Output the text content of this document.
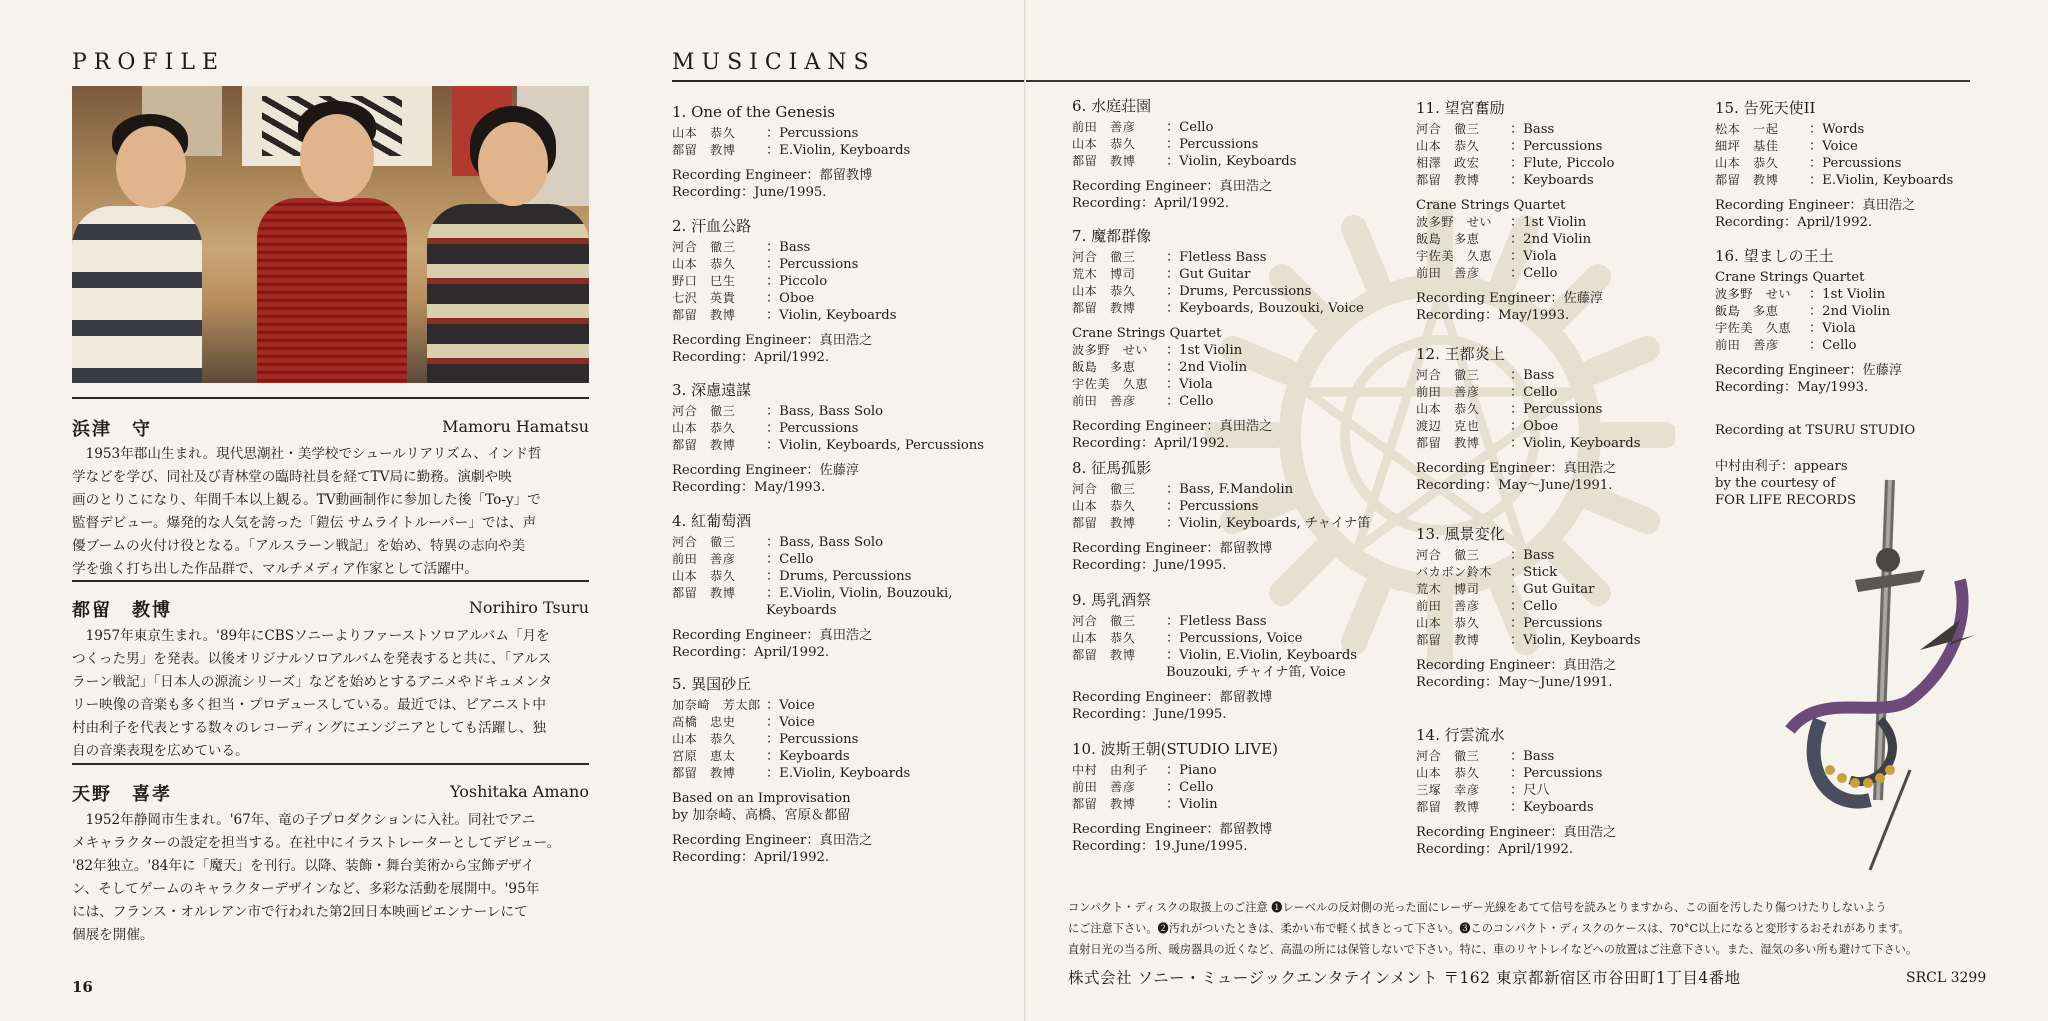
PROFILE
浜津　守	Mamoru Hamatsu

1953年郡山生まれ。現代思潮社・美学校でシュールリアリズム、インド哲

学などを学び、同社及び青林堂の臨時社員を経てTV局に勤務。演劇や映
画のとりこになり、年間千本以上観る。TV動画制作に参加した後「To-y」で
監督デビュー。爆発的な人気を誇った「鎧伝 サムライトルーパー」では、声
優ブームの火付け役となる。「アルスラーン戦記」を始め、特異の志向や美
学を強く打ち出した作品群で、マルチメディア作家として活躍中。
都留　教博	Norihiro Tsuru

1957年東京生まれ。'89年にCBSソニーよりファーストソロアルバム「月を

つくった男」を発表。以後オリジナルソロアルバムを発表すると共に、「アルス
ラーン戦記」「日本人の源流シリーズ」などを始めとするアニメやドキュメンタ
リー映像の音楽も多く担当・プロデュースしている。最近では、ピアニスト中
村由利子を代表とする数々のレコーディングにエンジニアとしても活躍し、独
自の音楽表現を広めている。
天野　喜孝	Yoshitaka Amano

1952年静岡市生まれ。'67年、竜の子プロダクションに入社。同社でアニ

メキャラクターの設定を担当する。在社中にイラストレーターとしてデビュー。
'82年独立。'84年に「魔天」を刊行。以降、装飾・舞台美術から宝飾デザイ
ン、そしてゲームのキャラクターデザインなど、多彩な活動を展開中。'95年
には、フランス・オルレアン市で行われた第2回日本映画ビエンナーレにて
個展を開催。
16
MUSICIANS
1. One of the Genesis
山本　恭久	：Percussions
都留　教博	：E.Violin, Keyboards
Recording Engineer：都留教博
Recording：June/1995.
2. 汗血公路
河合　徹三	：Bass
山本　恭久	：Percussions
野口　巳生	：Piccolo
七沢　英貴	：Oboe
都留　教博	：Violin, Keyboards
Recording Engineer：真田浩之
Recording：April/1992.
3. 深慮遠謀
河合　徹三	：Bass, Bass Solo
山本　恭久	：Percussions
都留　教博	：Violin, Keyboards, Percussions
Recording Engineer：佐藤淳
Recording：May/1993.
4. 紅葡萄酒
河合　徹三	：Bass, Bass Solo
前田　善彦	：Cello
山本　恭久	：Drums, Percussions
都留　教博	：E.Violin, Violin, Bouzouki,
Keyboards
Recording Engineer：真田浩之
Recording：April/1992.
5. 異国砂丘
加奈崎　芳太郎 ：Voice
高橋　忠史	：Voice
山本　恭久	：Percussions
宮原　恵太	：Keyboards
都留　教博	：E.Violin, Keyboards
Based on an Improvisation
by 加奈崎、高橋、宮原＆都留
Recording Engineer：真田浩之
Recording：April/1992.
6. 水庭荘園
前田　善彦	：Cello
山本　恭久	：Percussions
都留　教博	：Violin, Keyboards
Recording Engineer：真田浩之
Recording：April/1992.
7. 魔都群像
河合　徹三	：Fletless Bass
荒木　博司	：Gut Guitar
山本　恭久	：Drums, Percussions
都留　教博	：Keyboards, Bouzouki, Voice
Crane Strings Quartet
波多野　せい	：1st Violin
飯島　多恵	：2nd Violin
宇佐美　久恵	：Viola
前田　善彦	：Cello
Recording Engineer：真田浩之
Recording：April/1992.
8. 征馬孤影
河合　徹三	：Bass, F.Mandolin
山本　恭久	：Percussions
都留　教博	：Violin, Keyboards, チャイナ笛
Recording Engineer：都留教博
Recording：June/1995.
9. 馬乳酒祭
河合　徹三	：Fletless Bass
山本　恭久	：Percussions, Voice
都留　教博	：Violin, E.Violin, Keyboards
Bouzouki, チャイナ笛, Voice
Recording Engineer：都留教博
Recording：June/1995.
10. 波斯王朝(STUDIO LIVE)
中村　由利子	：Piano
前田　善彦	：Cello
都留　教博	：Violin
Recording Engineer：都留教博
Recording：19.June/1995.
11. 望宮奮励
河合　徹三	：Bass
山本　恭久	：Percussions
相澤　政宏	：Flute, Piccolo
都留　教博	：Keyboards
Crane Strings Quartet
波多野　せい	：1st Violin
飯島　多恵	：2nd Violin
宇佐美　久恵	：Viola
前田　善彦	：Cello
Recording Engineer：佐藤淳
Recording：May/1993.
12. 王都炎上
河合　徹三	：Bass
前田　善彦	：Cello
山本　恭久	：Percussions
渡辺　克也	：Oboe
都留　教博	：Violin, Keyboards
Recording Engineer：真田浩之
Recording：May～June/1991.
13. 風景変化
河合　徹三	：Bass
バカボン鈴木	：Stick
荒木　博司	：Gut Guitar
前田　善彦	：Cello
山本　恭久	：Percussions
都留　教博	：Violin, Keyboards
Recording Engineer：真田浩之
Recording：May～June/1991.
14. 行雲流水
河合　徹三	：Bass
山本　恭久	：Percussions
三塚　幸彦	：尺八
都留　教博	：Keyboards
Recording Engineer：真田浩之
Recording：April/1992.
15. 告死天使II
松本　一起	：Words
細坪　基佳	：Voice
山本　恭久	：Percussions
都留　教博	：E.Violin, Keyboards
Recording Engineer：真田浩之
Recording：April/1992.
16. 望ましの王土
Crane Strings Quartet
波多野　せい	：1st Violin
飯島　多恵	：2nd Violin
宇佐美　久恵	：Viola
前田　善彦	：Cello
Recording Engineer：佐藤淳
Recording：May/1993.
Recording at TSURU STUDIO
中村由利子：appears
by the courtesy of
FOR LIFE RECORDS
コンパクト・ディスクの取扱上のご注意 ❶レーベルの反対側の光った面にレーザー光線をあてて信号を読みとりますから、この面を汚したり傷つけたりしないよう
にご注意下さい。❷汚れがついたときは、柔かい布で軽く拭きとって下さい。❸このコンパクト・ディスクのケースは、70°C以上になると変形するおそれがあります。
直射日光の当る所、暖房器具の近くなど、高温の所には保管しないで下さい。特に、車のリヤトレイなどへの放置はご注意下さい。また、湿気の多い所も避けて下さい。
株式会社 ソニー・ミュージックエンタテインメント 〒162 東京都新宿区市谷田町1丁目4番地	SRCL 3299
